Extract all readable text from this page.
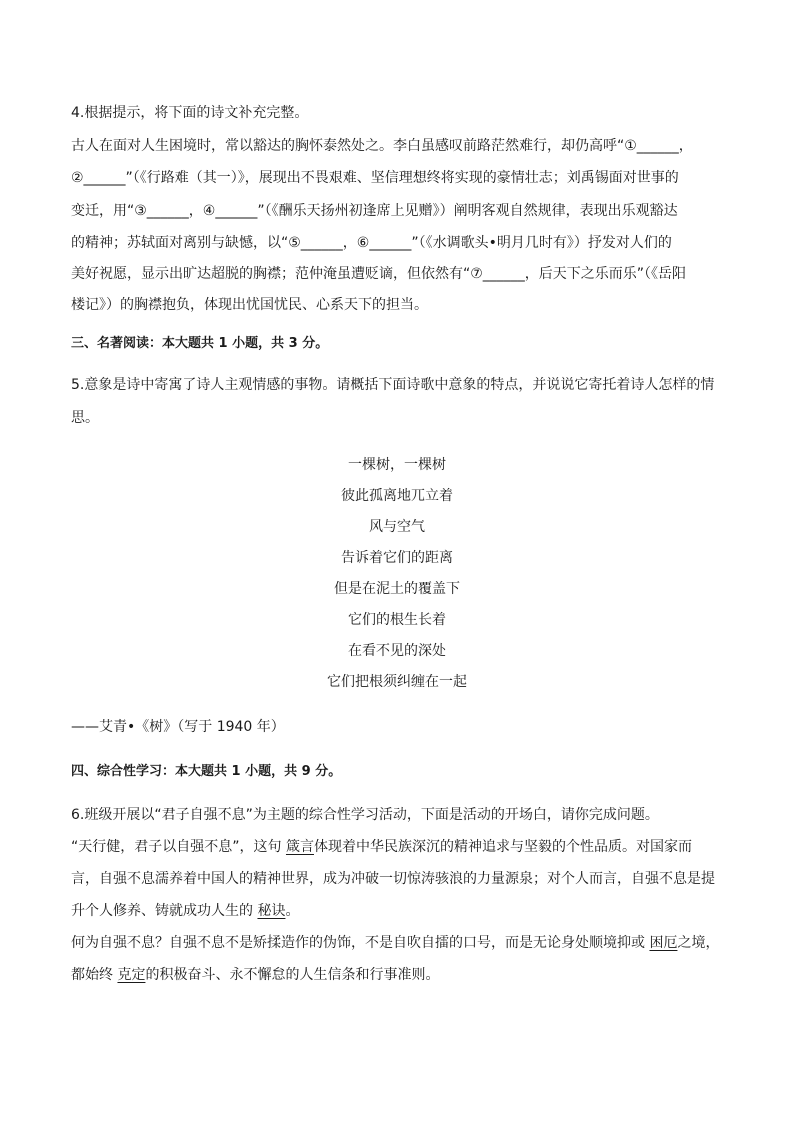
4.根据提示，将下面的诗文补充完整。
古人在面对人生困境时，常以豁达的胸怀泰然处之。李白虽感叹前路茫然难行，却仍高呼“①______，
②______”（《行路难（其一）》，展现出不畏艰难、坚信理想终将实现的豪情壮志；刘禹锡面对世事的
变迁，用“③______，④______”（《酬乐天扬州初逢席上见赠》）阐明客观自然规律，表现出乐观豁达
的精神；苏轼面对离别与缺憾，以“⑤______，⑥______”（《水调歌头•明月几时有》）抒发对人们的
美好祝愿，显示出旷达超脱的胸襟；范仲淹虽遭贬谪，但依然有“⑦______，后天下之乐而乐”（《岳阳
楼记》）的胸襟抱负，体现出忧国忧民、心系天下的担当。
三、名著阅读：本大题共 1 小题，共 3 分。
5.意象是诗中寄寓了诗人主观情感的事物。请概括下面诗歌中意象的特点，并说说它寄托着诗人怎样的情
思。
一棵树，一棵树
彼此孤离地兀立着
风与空气
告诉着它们的距离
但是在泥土的覆盖下
它们的根生长着
在看不见的深处
它们把根须纠缠在一起
——艾青•《树》（写于 1940 年）
四、综合性学习：本大题共 1 小题，共 9 分。
6.班级开展以“君子自强不息”为主题的综合性学习活动，下面是活动的开场白，请你完成问题。
“天行健，君子以自强不息”，这句 箴言体现着中华民族深沉的精神追求与坚毅的个性品质。对国家而
言，自强不息濡养着中国人的精神世界，成为冲破一切惊涛骇浪的力量源泉；对个人而言，自强不息是提
升个人修养、铸就成功人生的 秘诀。
何为自强不息？自强不息不是矫揉造作的伪饰，不是自吹自擂的口号，而是无论身处顺境抑或 困厄之境，
都始终 克定的积极奋斗、永不懈怠的人生信条和行事准则。
